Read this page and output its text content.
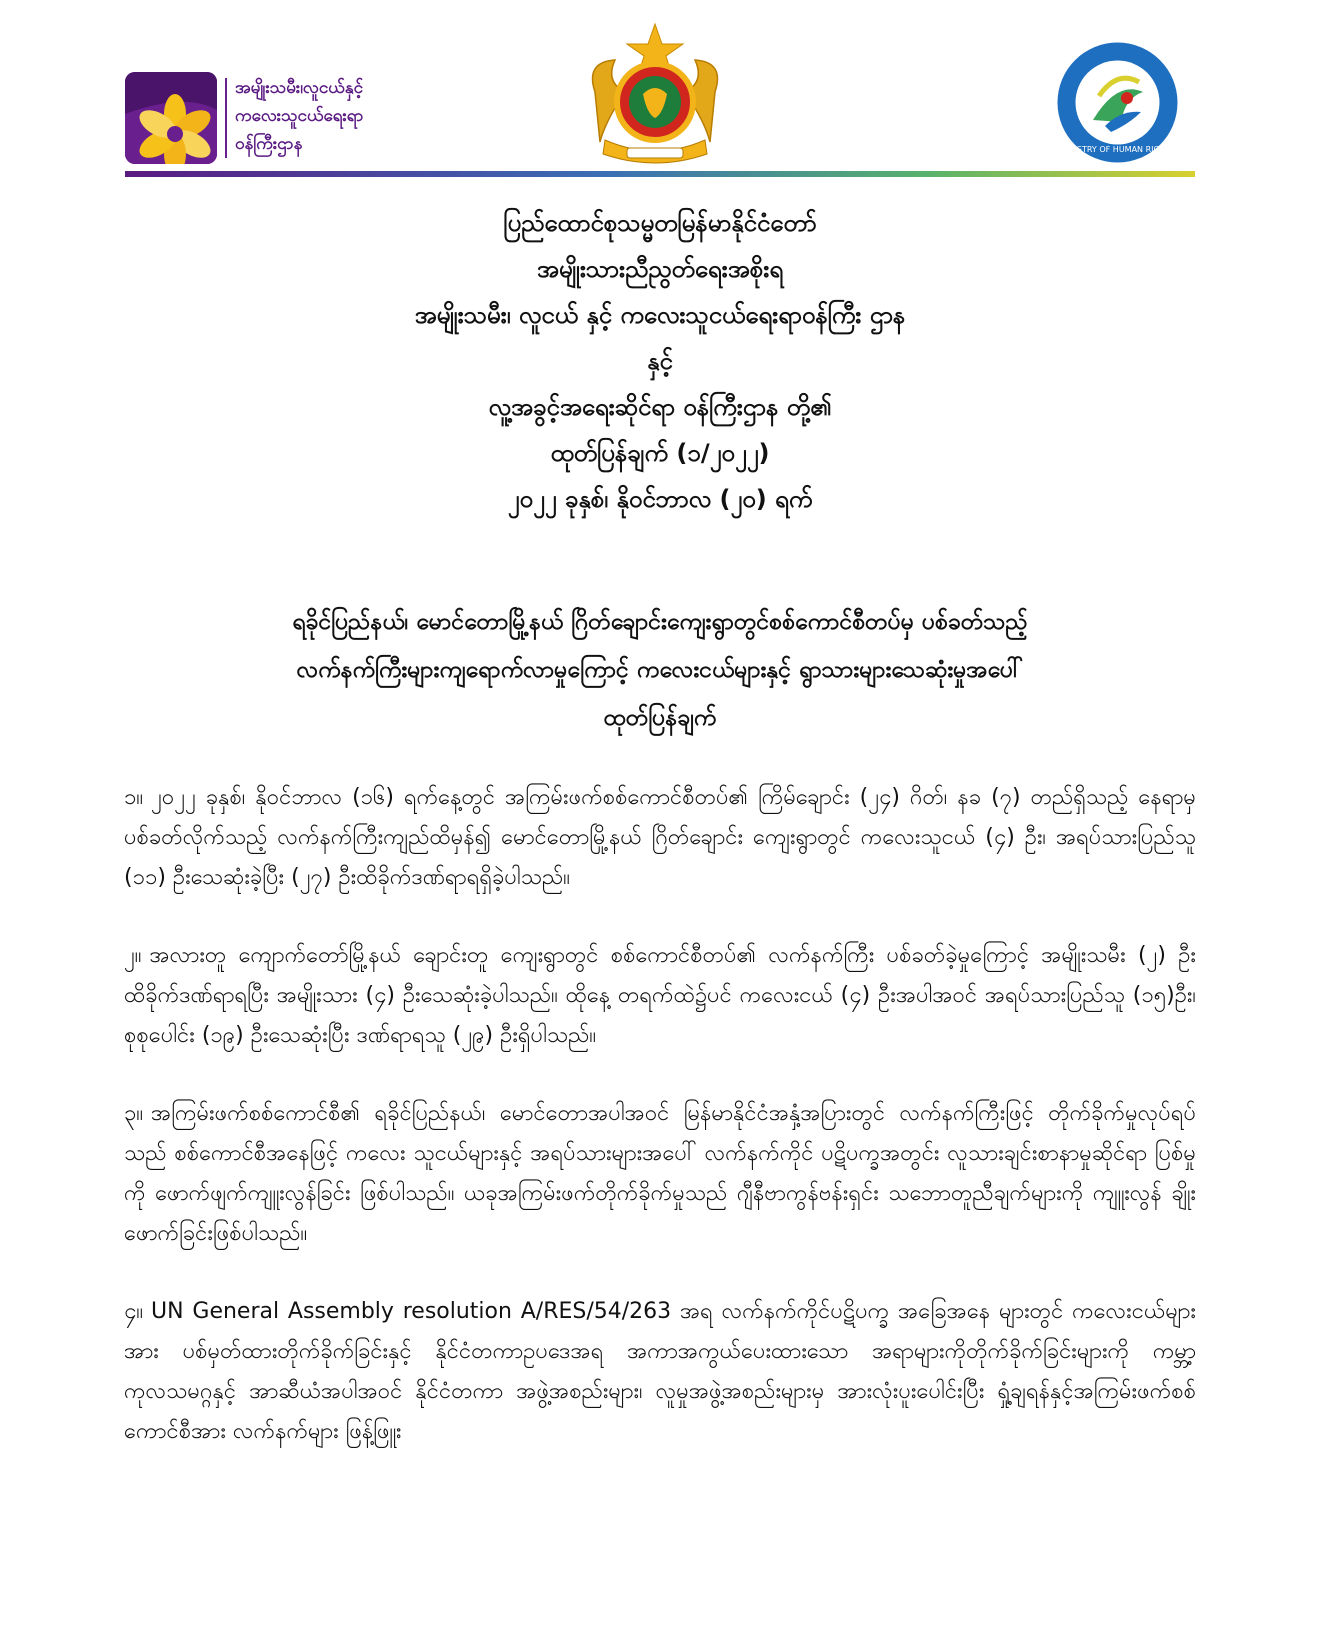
အမျိုးသမီး၊လူငယ်နှင့်
ကလေးသူငယ်ရေးရာ
ဝန်ကြီးဌာန	MINISTRY OF HUMAN RIGHTS
ပြည်ထောင်စုသမ္မတမြန်မာနိုင်ငံတော်
အမျိုးသားညီညွတ်ရေးအစိုးရ
အမျိုးသမီး၊ လူငယ် နှင့် ကလေးသူငယ်ရေးရာဝန်ကြီး ဌာန
နှင့်
လူ့အခွင့်အရေးဆိုင်ရာ ဝန်ကြီးဌာန တို့၏
ထုတ်ပြန်ချက် (၁/၂၀၂၂)
၂၀၂၂ ခုနှစ်၊ နိုဝင်ဘာလ (၂၀) ရက်
ရခိုင်ပြည်နယ်၊ မောင်တောမြို့နယ် ဂြိတ်ချောင်းကျေးရွာတွင်စစ်ကောင်စီတပ်မှ ပစ်ခတ်သည့်
လက်နက်ကြီးများကျရောက်လာမှုကြောင့် ကလေးငယ်များနှင့် ရွာသားများသေဆုံးမှုအပေါ်
ထုတ်ပြန်ချက်

၁။ ၂၀၂၂ ခုနှစ်၊ နိုဝင်ဘာလ (၁၆) ရက်နေ့တွင် အကြမ်းဖက်စစ်ကောင်စီတပ်၏ ကြိမ်ချောင်း (၂၄) ဂိတ်၊ နခ (၇) တည်ရှိသည့် နေရာမှ ပစ်ခတ်လိုက်သည့် လက်နက်ကြီးကျည်ထိမှန်၍ မောင်တောမြို့နယ် ဂြိတ်ချောင်း ကျေးရွာတွင် ကလေးသူငယ် (၄) ဦး၊ အရပ်သားပြည်သူ (၁၁) ဦးသေဆုံးခဲ့ပြီး (၂၇) ဦးထိခိုက်ဒဏ်ရာရရှိခဲ့ပါသည်။

၂။ အလားတူ ကျောက်တော်မြို့နယ် ချောင်းတူ ကျေးရွာတွင် စစ်ကောင်စီတပ်၏ လက်နက်ကြီး ပစ်ခတ်ခဲ့မှုကြောင့် အမျိုးသမီး (၂) ဦး ထိခိုက်ဒဏ်ရာရပြီး အမျိုးသား (၄) ဦးသေဆုံးခဲ့ပါသည်။ ထိုနေ့ တရက်ထဲ၌ပင် ကလေးငယ် (၄) ဦးအပါအဝင် အရပ်သားပြည်သူ (၁၅)ဦး၊ စုစုပေါင်း (၁၉) ဦးသေဆုံးပြီး ဒဏ်ရာရသူ (၂၉) ဦးရှိပါသည်။

၃။ အကြမ်းဖက်စစ်ကောင်စီ၏ ရခိုင်ပြည်နယ်၊ မောင်တောအပါအဝင် မြန်မာနိုင်ငံအနှံ့အပြားတွင် လက်နက်ကြီးဖြင့် တိုက်ခိုက်မှုလုပ်ရပ်သည် စစ်ကောင်စီအနေဖြင့် ကလေး သူငယ်များနှင့် အရပ်သားများအပေါ် လက်နက်ကိုင် ပဋိပက္ခအတွင်း လူသားချင်းစာနာမှုဆိုင်ရာ ပြစ်မှုကို ဖောက်ဖျက်ကျူးလွန်ခြင်း ဖြစ်ပါသည်။ ယခုအကြမ်းဖက်တိုက်ခိုက်မှုသည် ဂျီနီဗာကွန်ဗန်းရှင်း သဘောတူညီချက်များကို ကျူးလွန် ချိုးဖောက်ခြင်းဖြစ်ပါသည်။

၄။ UN General Assembly resolution A/RES/54/263 အရ လက်နက်ကိုင်ပဋိပက္ခ အခြေအနေ များတွင် ကလေးငယ်များအား ပစ်မှတ်ထားတိုက်ခိုက်ခြင်းနှင့် နိုင်ငံတကာဥပဒေအရ အကာအကွယ်ပေးထားသော အရာများကိုတိုက်ခိုက်ခြင်းများကို ကမ္ဘာ့ကုလသမဂ္ဂနှင့် အာဆီယံအပါအဝင် နိုင်ငံတကာ အဖွဲ့အစည်းများ၊ လူမှုအဖွဲ့အစည်းများမှ အားလုံးပူးပေါင်းပြီး ရှုံ့ချရန်နှင့်အကြမ်းဖက်စစ်ကောင်စီအား လက်နက်များ ဖြန့်ဖြူး
